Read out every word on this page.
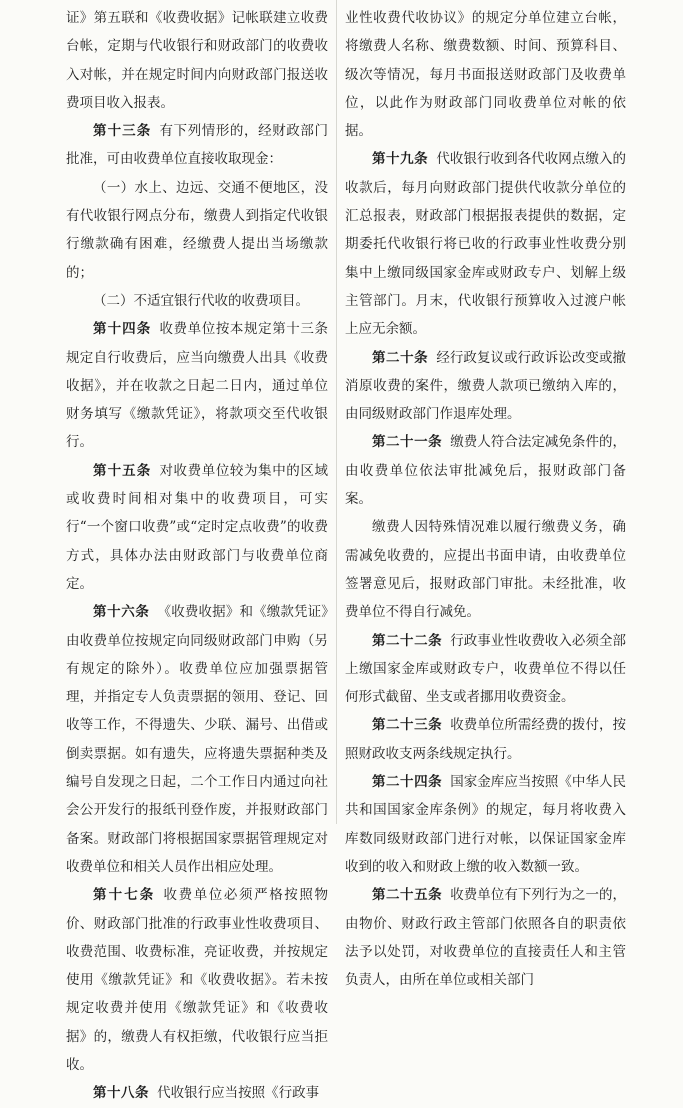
证》第五联和《收费收据》记帐联建立收费台帐，定期与代收银行和财政部门的收费收入对帐，并在规定时间内向财政部门报送收费项目收入报表。

第十三条 有下列情形的，经财政部门批准，可由收费单位直接收取现金：

（一）水上、边远、交通不便地区，没有代收银行网点分布，缴费人到指定代收银行缴款确有困难，经缴费人提出当场缴款的；

（二）不适宜银行代收的收费项目。

第十四条 收费单位按本规定第十三条规定自行收费后，应当向缴费人出具《收费收据》，并在收款之日起二日内，通过单位财务填写《缴款凭证》，将款项交至代收银行。

第十五条 对收费单位较为集中的区域或收费时间相对集中的收费项目，可实行“一个窗口收费”或“定时定点收费”的收费方式，具体办法由财政部门与收费单位商定。

第十六条 《收费收据》和《缴款凭证》由收费单位按规定向同级财政部门申购（另有规定的除外）。收费单位应加强票据管理，并指定专人负责票据的领用、登记、回收等工作，不得遗失、少联、漏号、出借或倒卖票据。如有遗失，应将遗失票据种类及编号自发现之日起，二个工作日内通过向社会公开发行的报纸刊登作废，并报财政部门备案。财政部门将根据国家票据管理规定对收费单位和相关人员作出相应处理。

第十七条 收费单位必须严格按照物价、财政部门批准的行政事业性收费项目、收费范围、收费标准，亮证收费，并按规定使用《缴款凭证》和《收费收据》。若未按规定收费并使用《缴款凭证》和《收费收据》的，缴费人有权拒缴，代收银行应当拒收。

第十八条 代收银行应当按照《行政事

业性收费代收协议》的规定分单位建立台帐，将缴费人名称、缴费数额、时间、预算科目、级次等情况，每月书面报送财政部门及收费单位，以此作为财政部门同收费单位对帐的依据。

第十九条 代收银行收到各代收网点缴入的收款后，每月向财政部门提供代收款分单位的汇总报表，财政部门根据报表提供的数据，定期委托代收银行将已收的行政事业性收费分别集中上缴同级国家金库或财政专户、划解上级主管部门。月末，代收银行预算收入过渡户帐上应无余额。

第二十条 经行政复议或行政诉讼改变或撤消原收费的案件，缴费人款项已缴纳入库的，由同级财政部门作退库处理。

第二十一条 缴费人符合法定减免条件的，由收费单位依法审批减免后，报财政部门备案。

缴费人因特殊情况难以履行缴费义务，确需减免收费的，应提出书面申请，由收费单位签署意见后，报财政部门审批。未经批准，收费单位不得自行减免。

第二十二条 行政事业性收费收入必须全部上缴国家金库或财政专户，收费单位不得以任何形式截留、坐支或者挪用收费资金。

第二十三条 收费单位所需经费的拨付，按照财政收支两条线规定执行。

第二十四条 国家金库应当按照《中华人民共和国国家金库条例》的规定，每月将收费入库数同级财政部门进行对帐，以保证国家金库收到的收入和财政上缴的收入数额一致。

第二十五条 收费单位有下列行为之一的，由物价、财政行政主管部门依照各自的职责依法予以处罚，对收费单位的直接责任人和主管负责人，由所在单位或相关部门
